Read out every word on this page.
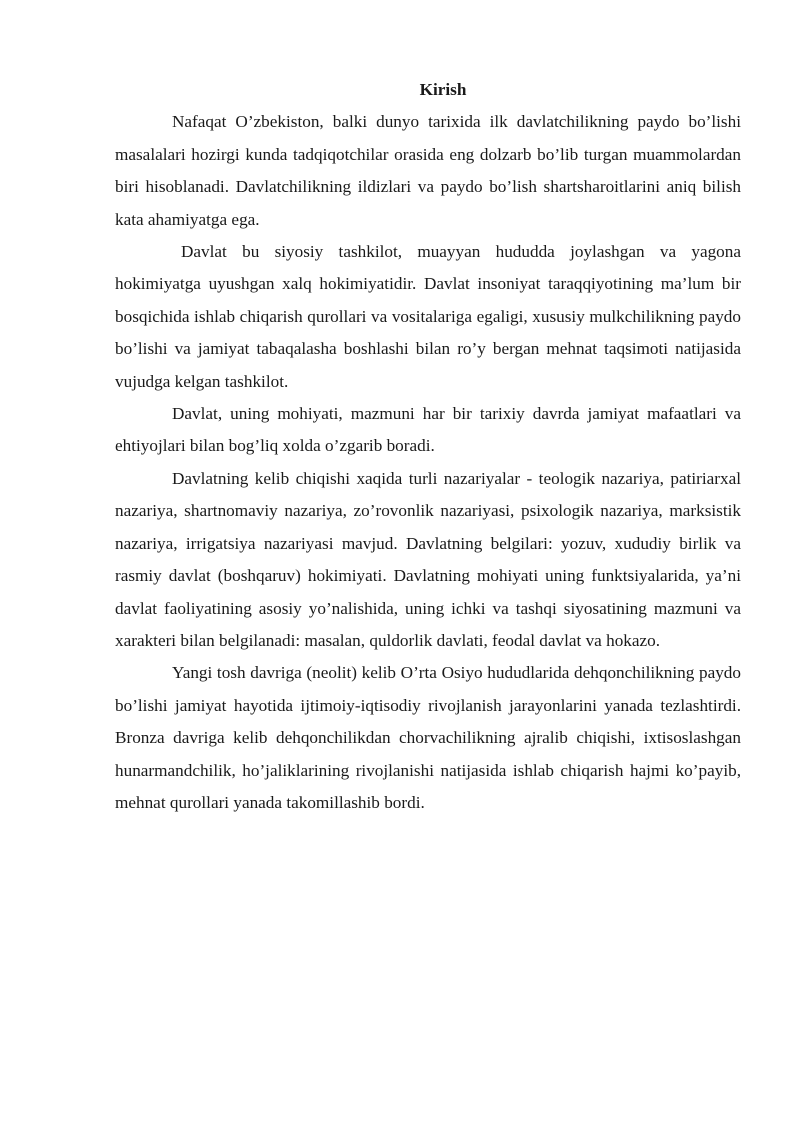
Kirish

Nafaqat O’zbekiston, balki dunyo tarixida ilk davlatchilikning paydo bo’lishi masalalari hozirgi kunda tadqiqotchilar orasida eng dolzarb bo’lib turgan muammolardan biri hisoblanadi. Davlatchilikning ildizlari va paydo bo’lish shartsharoitlarini aniq bilish kata ahamiyatga ega.

Davlat bu siyosiy tashkilot, muayyan hududda joylashgan va yagona hokimiyatga uyushgan xalq hokimiyatidir. Davlat insoniyat taraqqiyotining ma’lum bir bosqichida ishlab chiqarish qurollari va vositalariga egaligi, xususiy mulkchilikning paydo bo’lishi va jamiyat tabaqalasha boshlashi bilan ro’y bergan mehnat taqsimoti natijasida vujudga kelgan tashkilot.

Davlat, uning mohiyati, mazmuni har bir tarixiy davrda jamiyat mafaatlari va ehtiyojlari bilan bog’liq xolda o’zgarib boradi.

Davlatning kelib chiqishi xaqida turli nazariyalar - teologik nazariya, patiriarxal nazariya, shartnomaviy nazariya, zo’rovonlik nazariyasi, psixologik nazariya, marksistik nazariya, irrigatsiya nazariyasi mavjud. Davlatning belgilari: yozuv, xududiy birlik va rasmiy davlat (boshqaruv) hokimiyati. Davlatning mohiyati uning funktsiyalarida, ya’ni davlat faoliyatining asosiy yo’nalishida, uning ichki va tashqi siyosatining mazmuni va xarakteri bilan belgilanadi: masalan, quldorlik davlati, feodal davlat va hokazo.

Yangi tosh davriga (neolit) kelib O’rta Osiyo hududlarida dehqonchilikning paydo bo’lishi jamiyat hayotida ijtimoiy-iqtisodiy rivojlanish jarayonlarini yanada tezlashtirdi. Bronza davriga kelib dehqonchilikdan chorvachilikning ajralib chiqishi, ixtisoslashgan hunarmandchilik, ho’jaliklarining rivojlanishi natijasida ishlab chiqarish hajmi ko’payib, mehnat qurollari yanada takomillashib bordi.
